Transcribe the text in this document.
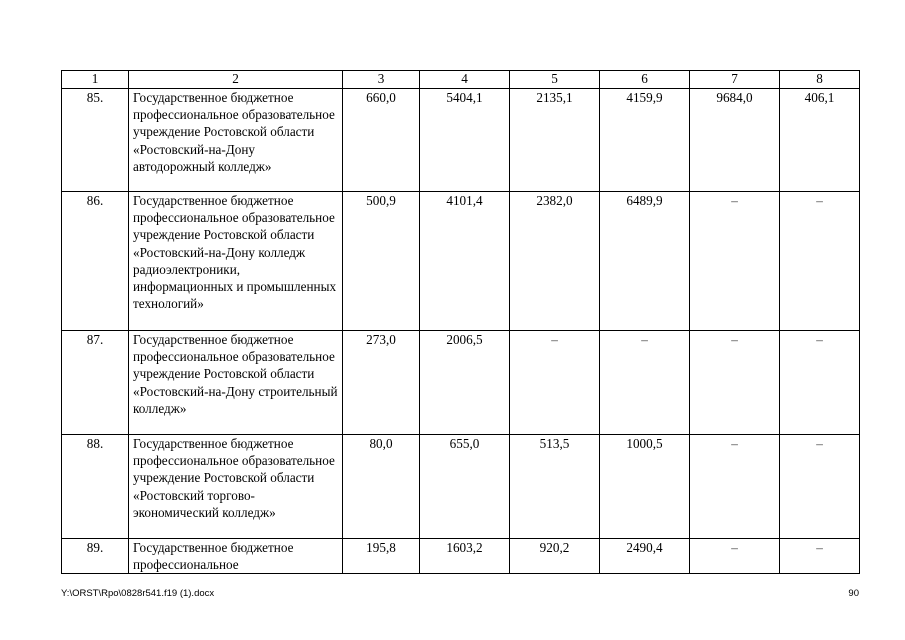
1	2	3	4	5	6	7	8
85.	Государственное бюджетное профессиональное образовательное учреждение Ростовской области «Ростовский-на-Дону автодорожный колледж»	660,0	5404,1	2135,1	4159,9	9684,0	406,1
86.	Государственное бюджетное профессиональное образовательное учреждение Ростовской области «Ростовский-на-Дону колледж радиоэлектроники, информационных и промышленных технологий»	500,9	4101,4	2382,0	6489,9	–	–
87.	Государственное бюджетное профессиональное образовательное учреждение Ростовской области «Ростовский-на-Дону строительный колледж»	273,0	2006,5	–	–	–	–
88.	Государственное бюджетное профессиональное образовательное учреждение Ростовской области «Ростовский торгово-экономический колледж»	80,0	655,0	513,5	1000,5	–	–
89.	Государственное бюджетное профессиональное	195,8	1603,2	920,2	2490,4	–	–
Y:\ORST\Rpo\0828r541.f19 (1).docx	90
